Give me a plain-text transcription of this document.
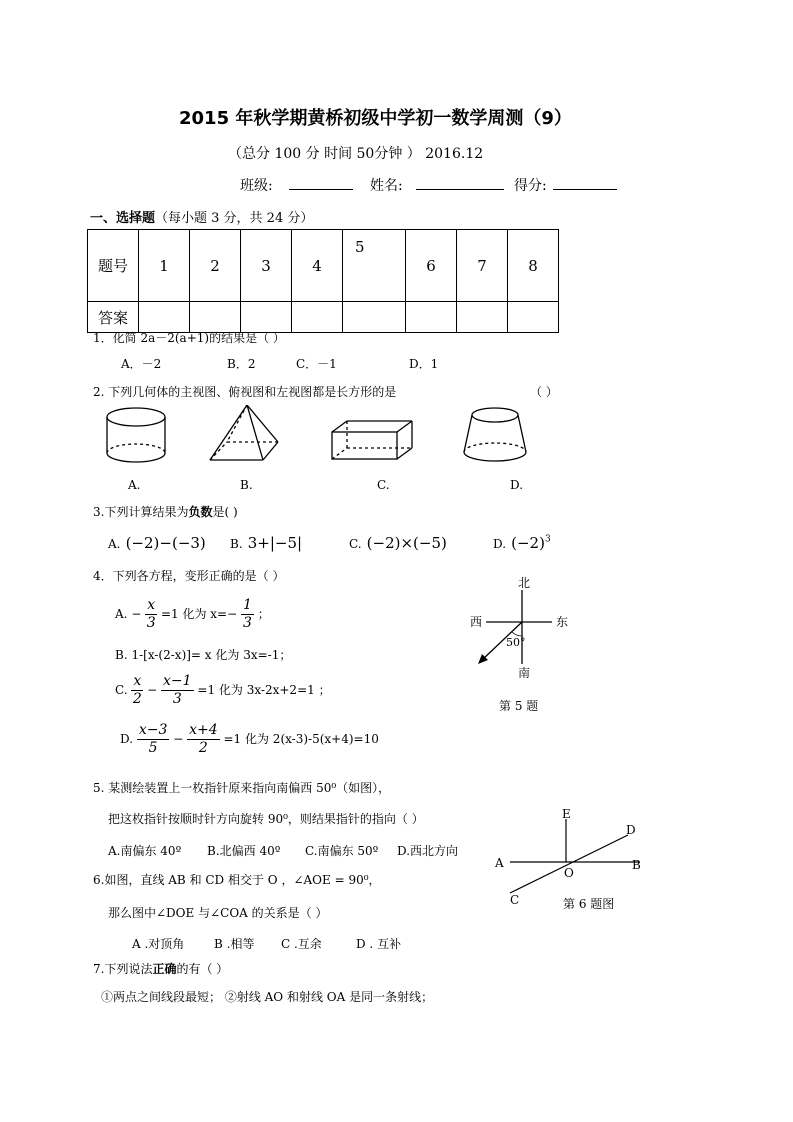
2015 年秋学期黄桥初级中学初一数学周测（9）
（总分 100 分 时间 50分钟 ） 2016.12
班级:	姓名:	得分:
一、选择题（每小题 3 分，共 24 分）
题号	1	2	3	4	5	6	7	8
答案								
1．化简 2a－2(a+1)的结果是（ ）
A．－2	B．2	C．－1	D．1
2. 下列几何体的主视图、俯视图和左视图都是长方形的是	（ ）
A.	B.	C.	D.
3.下列计算结果为负数是( )
A. (−2)−(−3) B. 3+|−5|	C. (−2)×(−5)	D. $(-2)^3$
4．下列各方程，变形正确的是（ ）
A. − $\frac{x}{3} =1$ 化为 $x=- \frac{1}{3}$ ；
B. 1-[x-(2-x)]= x 化为 3x=-1；
C. $\frac{x}{2} - \frac{x-1}{3} =1$ 化为 3x-2x+2=1 ；
D. $\frac{x-3}{5} - \frac{x+4}{2} =1$ 化为 2(x-3)-5(x+4)=10
北
南
西	东
50°
第 5 题
5. 某测绘装置上一枚指针原来指向南偏西 50⁰（如图），
把这枚指针按顺时针方向旋转 90⁰，则结果指针的指向（ ）
A.南偏东 40º B.北偏西 40º C.南偏东 50º D.西北方向
E
D
A
O
B
C	第 6 题图
6.如图，直线 AB 和 CD 相交于 O ，∠AOE = 90⁰，
那么图中∠DOE 与∠COA 的关系是（ ）
A .对顶角 B .相等 C .互余	D . 互补
7.下列说法正确的有（ ）
①两点之间线段最短； ②射线 AO 和射线 OA 是同一条射线；
